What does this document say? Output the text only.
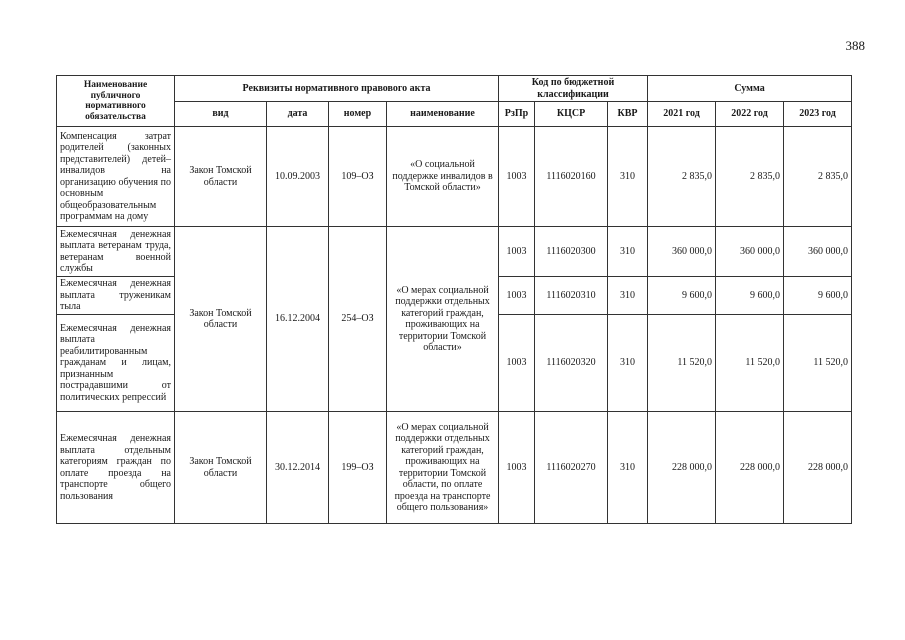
388
Наименование публичного нормативного обязательства	Реквизиты нормативного правового акта				Код по бюджетной классификации			Сумма		
	вид	дата	номер	наименование	РзПр	КЦСР	КВР	2021 год	2022 год	2023 год
Компенсация затрат родителей (законных представителей) детей–инвалидов на организацию обучения по основным общеобразовательным программам на дому	Закон Томской области	10.09.2003	109–ОЗ	«О социальной поддержке инвалидов в Томской области»	1003	1116020160	310	2 835,0	2 835,0	2 835,0
Ежемесячная денежная выплата ветеранам труда, ветеранам военной службы	Закон Томской области	16.12.2004	254–ОЗ	«О мерах социальной поддержки отдельных категорий граждан, проживающих на территории Томской области»	1003	1116020300	310	360 000,0	360 000,0	360 000,0
Ежемесячная денежная выплата труженикам тыла					1003	1116020310	310	9 600,0	9 600,0	9 600,0
Ежемесячная денежная выплата реабилитированным гражданам и лицам, признанным пострадавшими от политических репрессий					1003	1116020320	310	11 520,0	11 520,0	11 520,0
Ежемесячная денежная выплата отдельным категориям граждан по оплате проезда на транспорте общего пользования	Закон Томской области	30.12.2014	199–ОЗ	«О мерах социальной поддержки отдельных категорий граждан, проживающих на территории Томской области, по оплате проезда на транспорте общего пользования»	1003	1116020270	310	228 000,0	228 000,0	228 000,0
